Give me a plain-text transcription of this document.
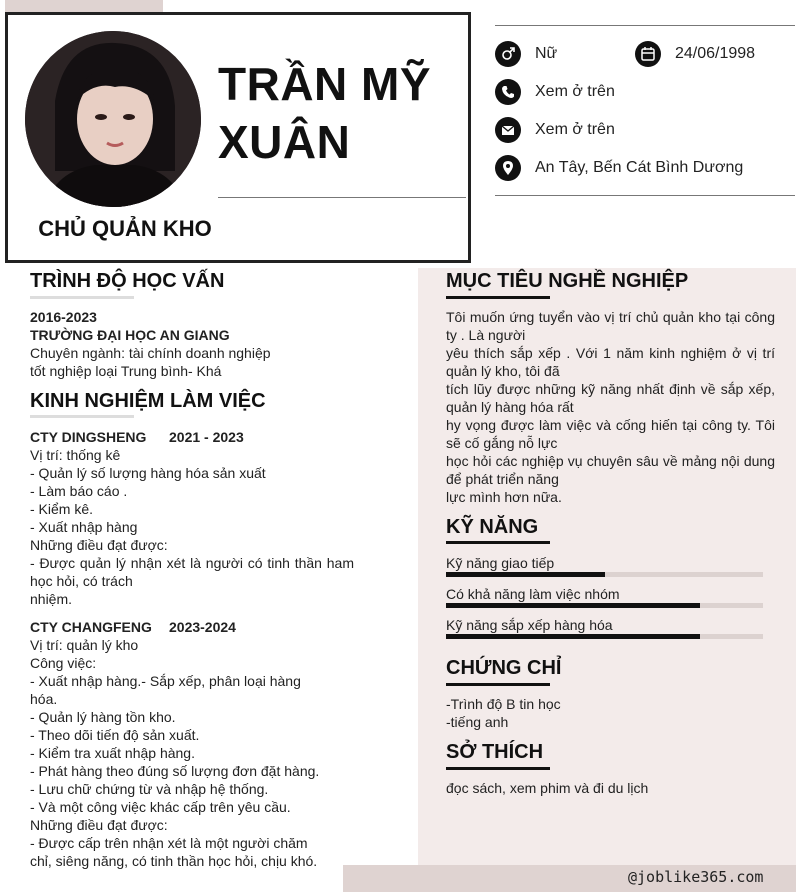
TRẦN MỸ
XUÂN
CHỦ QUẢN KHO
Nữ	24/06/1998
Xem ở trên
Xem ở trên
An Tây, Bến Cát Bình Dương
TRÌNH ĐỘ HỌC VẤN
2016-2023
TRƯỜNG ĐẠI HỌC AN GIANG
Chuyên ngành: tài chính doanh nghiệp
tốt nghiệp loại Trung bình- Khá
KINH NGHIỆM LÀM VIỆC
CTY DINGSHENG 2021 - 2023
Vị trí: thống kê
- Quản lý số lượng hàng hóa sản xuất
- Làm báo cáo .
- Kiểm kê.
- Xuất nhập hàng
Những điều đạt được:
- Được quản lý nhận xét là người có tinh thần ham học hỏi, có trách
nhiệm.
CTY CHANGFENG 2023-2024
Vị trí: quản lý kho
Công việc:
- Xuất nhập hàng.- Sắp xếp, phân loại hàng hóa.
- Quản lý hàng tồn kho.
- Theo dõi tiến độ sản xuất.
- Kiểm tra xuất nhập hàng.
- Phát hàng theo đúng số lượng đơn đặt hàng.
- Lưu chữ chứng từ và nhập hệ thống.
- Và một công việc khác cấp trên yêu cầu.
Những điều đạt được:
- Được cấp trên nhận xét là một người chăm chỉ, siêng năng, có tinh thần học hỏi, chịu khó.
MỤC TIÊU NGHỀ NGHIỆP
Tôi muốn ứng tuyển vào vị trí chủ quản kho tại công ty . Là người
yêu thích sắp xếp . Với 1 năm kinh nghiệm ở vị trí quản lý kho, tôi đã
tích lũy được những kỹ năng nhất định về sắp xếp, quản lý hàng hóa rất
hy vọng được làm việc và cống hiến tại công ty. Tôi sẽ cố gắng nỗ lực
học hỏi các nghiệp vụ chuyên sâu về mảng nội dung để phát triển năng
lực mình hơn nữa.
KỸ NĂNG
Kỹ năng giao tiếp
Có khả năng làm việc nhóm
Kỹ năng sắp xếp hàng hóa
CHỨNG CHỈ
-Trình độ B tin học
-tiếng anh
SỞ THÍCH
đọc sách, xem phim và đi du lịch
@joblike365.com
